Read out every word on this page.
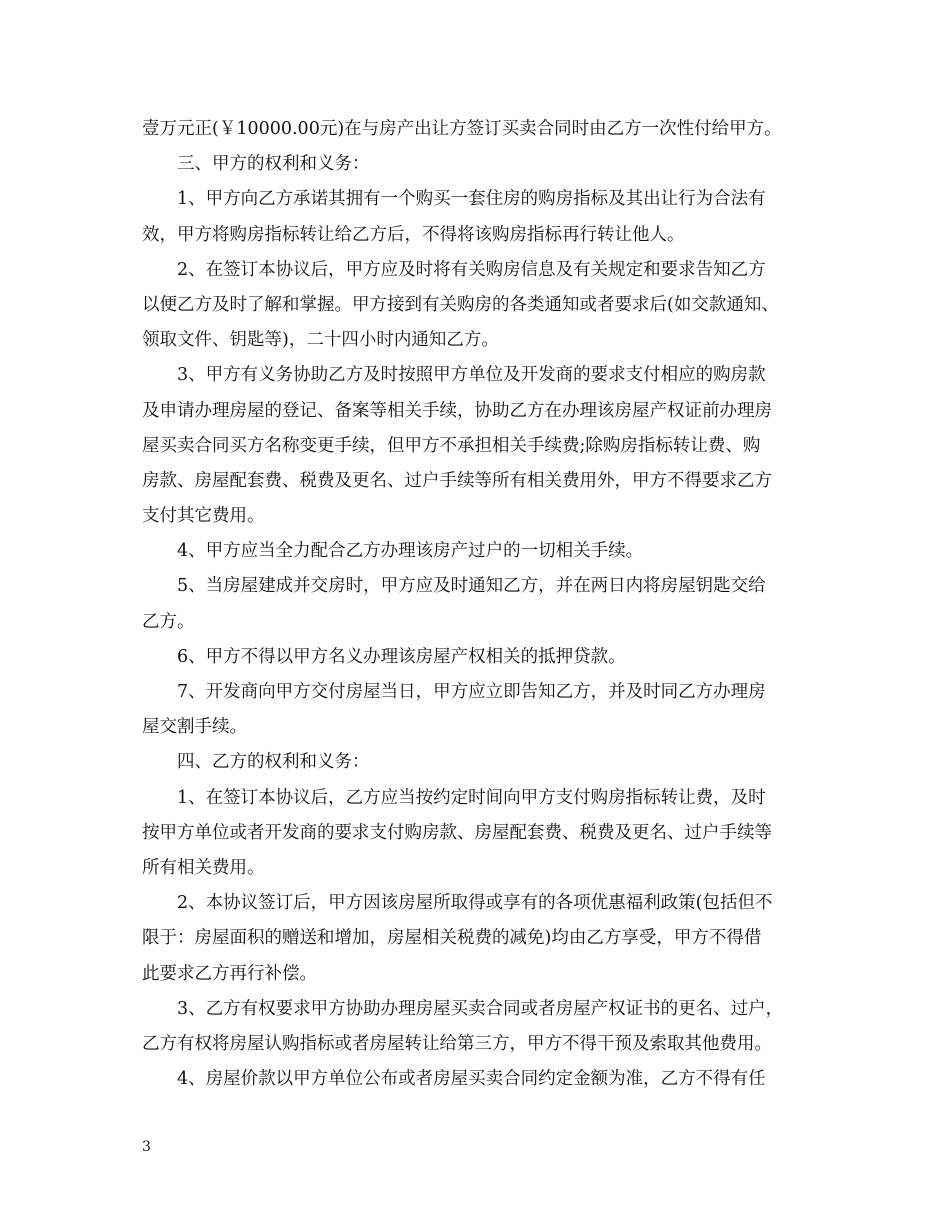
壹万元正(￥10000.00元)在与房产出让方签订买卖合同时由乙方一次性付给甲方。
三、甲方的权利和义务：
1、甲方向乙方承诺其拥有一个购买一套住房的购房指标及其出让行为合法有
效，甲方将购房指标转让给乙方后，不得将该购房指标再行转让他人。
2、在签订本协议后，甲方应及时将有关购房信息及有关规定和要求告知乙方
以便乙方及时了解和掌握。甲方接到有关购房的各类通知或者要求后(如交款通知、
领取文件、钥匙等)，二十四小时内通知乙方。
3、甲方有义务协助乙方及时按照甲方单位及开发商的要求支付相应的购房款
及申请办理房屋的登记、备案等相关手续，协助乙方在办理该房屋产权证前办理房
屋买卖合同买方名称变更手续，但甲方不承担相关手续费;除购房指标转让费、购
房款、房屋配套费、税费及更名、过户手续等所有相关费用外，甲方不得要求乙方
支付其它费用。
4、甲方应当全力配合乙方办理该房产过户的一切相关手续。
5、当房屋建成并交房时，甲方应及时通知乙方，并在两日内将房屋钥匙交给
乙方。
6、甲方不得以甲方名义办理该房屋产权相关的抵押贷款。
7、开发商向甲方交付房屋当日，甲方应立即告知乙方，并及时同乙方办理房
屋交割手续。
四、乙方的权利和义务：
1、在签订本协议后，乙方应当按约定时间向甲方支付购房指标转让费，及时
按甲方单位或者开发商的要求支付购房款、房屋配套费、税费及更名、过户手续等
所有相关费用。
2、本协议签订后，甲方因该房屋所取得或享有的各项优惠福利政策(包括但不
限于：房屋面积的赠送和增加，房屋相关税费的减免)均由乙方享受，甲方不得借
此要求乙方再行补偿。
3、乙方有权要求甲方协助办理房屋买卖合同或者房屋产权证书的更名、过户，
乙方有权将房屋认购指标或者房屋转让给第三方，甲方不得干预及索取其他费用。
4、房屋价款以甲方单位公布或者房屋买卖合同约定金额为准，乙方不得有任
3
